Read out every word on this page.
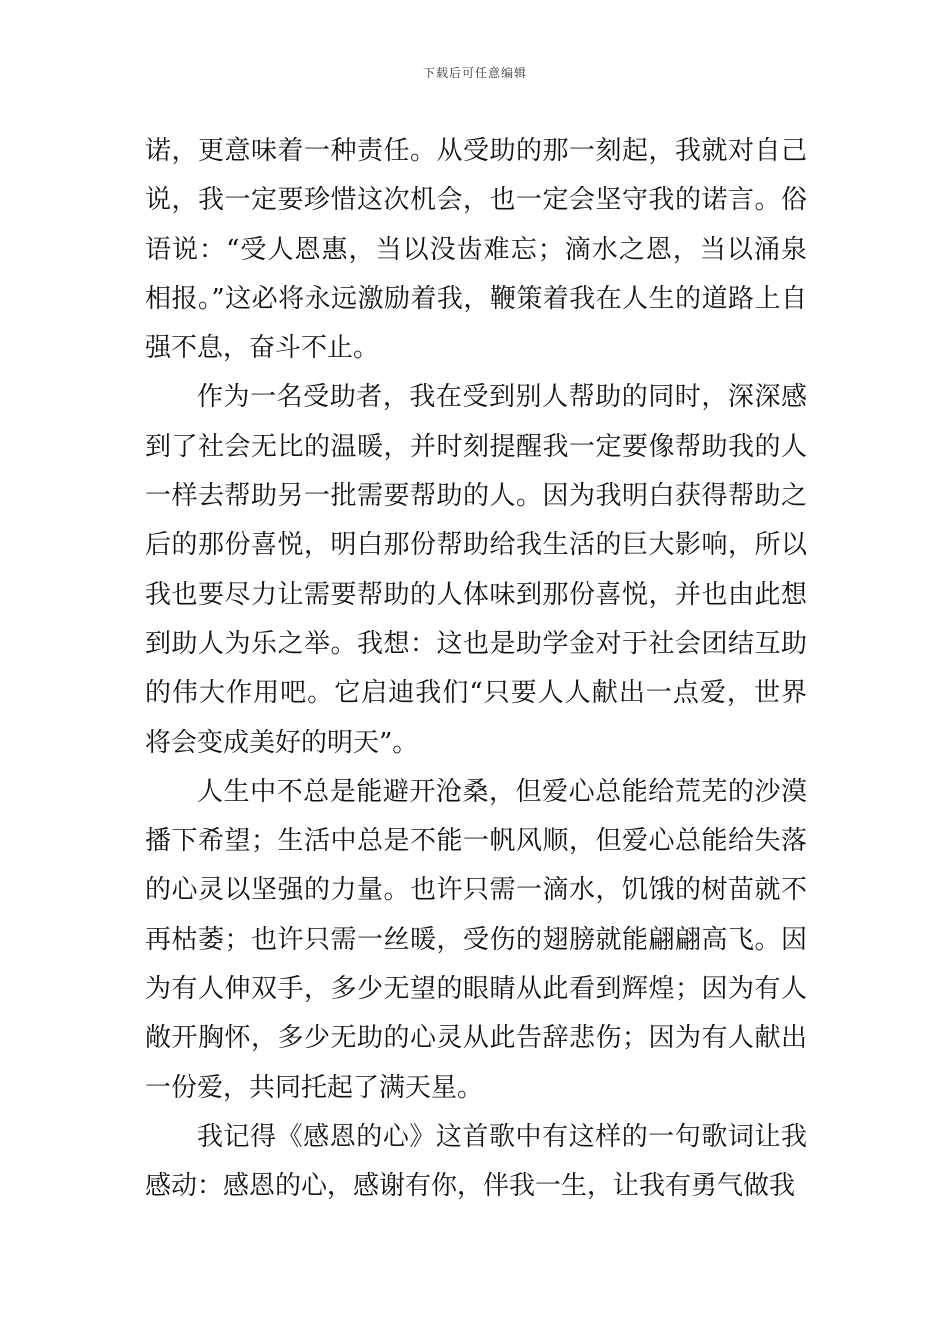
下载后可任意编辑

诺，更意味着一种责任。从受助的那一刻起，我就对自己说，我一定要珍惜这次机会，也一定会坚守我的诺言。俗语说：“受人恩惠，当以没齿难忘；滴水之恩，当以涌泉相报。”这必将永远激励着我，鞭策着我在人生的道路上自强不息，奋斗不止。

作为一名受助者，我在受到别人帮助的同时，深深感到了社会无比的温暖，并时刻提醒我一定要像帮助我的人一样去帮助另一批需要帮助的人。因为我明白获得帮助之后的那份喜悦，明白那份帮助给我生活的巨大影响，所以我也要尽力让需要帮助的人体味到那份喜悦，并也由此想到助人为乐之举。我想：这也是助学金对于社会团结互助的伟大作用吧。它启迪我们“只要人人献出一点爱，世界将会变成美好的明天”。

人生中不总是能避开沧桑，但爱心总能给荒芜的沙漠播下希望；生活中总是不能一帆风顺，但爱心总能给失落的心灵以坚强的力量。也许只需一滴水，饥饿的树苗就不再枯萎；也许只需一丝暖，受伤的翅膀就能翩翩高飞。因为有人伸双手，多少无望的眼睛从此看到辉煌；因为有人敞开胸怀，多少无助的心灵从此告辞悲伤；因为有人献出一份爱，共同托起了满天星。

我记得《感恩的心》这首歌中有这样的一句歌词让我感动：感恩的心，感谢有你，伴我一生，让我有勇气做我
